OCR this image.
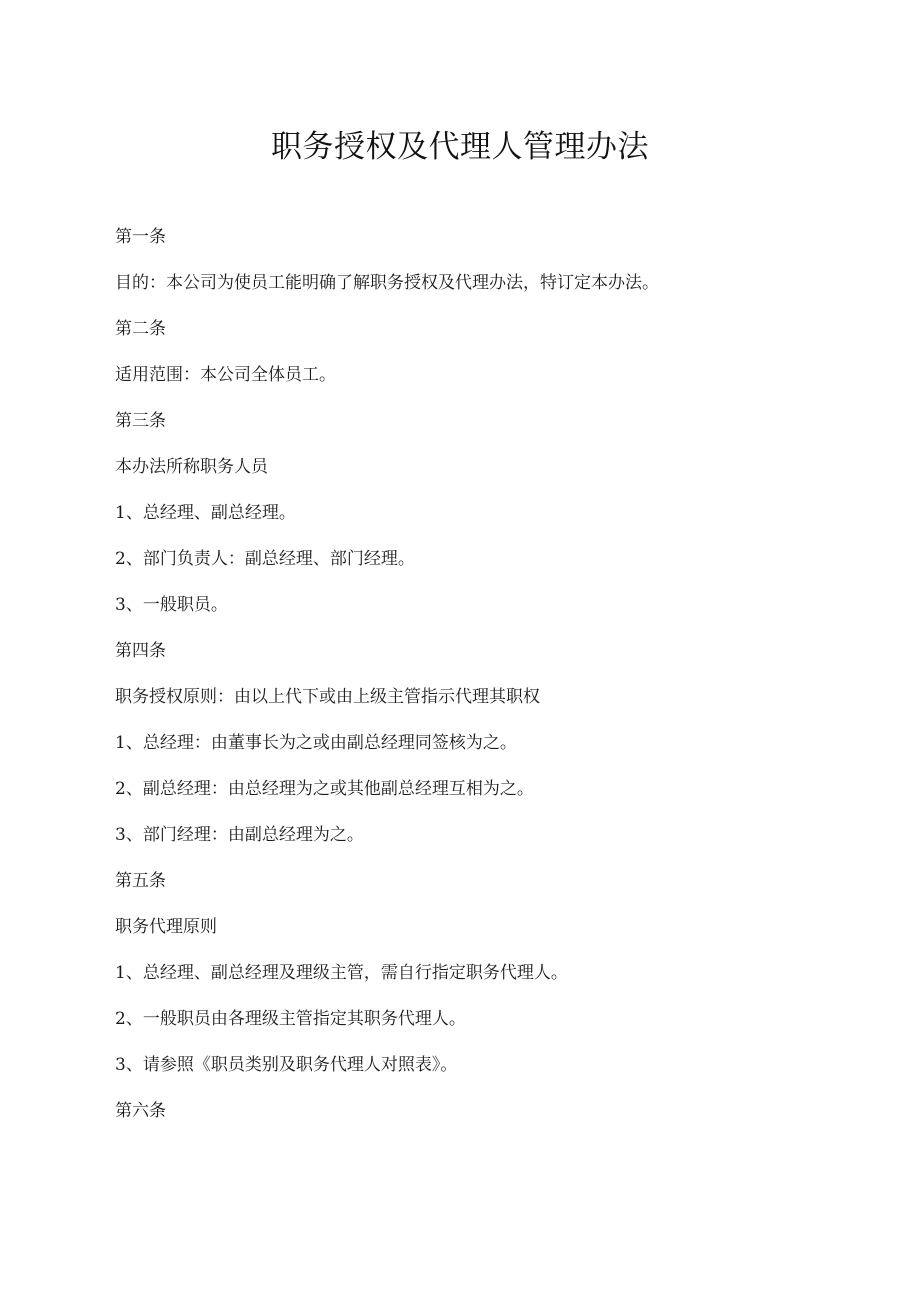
职务授权及代理人管理办法
第一条
目的：本公司为使员工能明确了解职务授权及代理办法，特订定本办法。
第二条
适用范围：本公司全体员工。
第三条
本办法所称职务人员
1、总经理、副总经理。
2、部门负责人：副总经理、部门经理。
3、一般职员。
第四条
职务授权原则：由以上代下或由上级主管指示代理其职权
1、总经理：由董事长为之或由副总经理同签核为之。
2、副总经理：由总经理为之或其他副总经理互相为之。
3、部门经理：由副总经理为之。
第五条
职务代理原则
1、总经理、副总经理及理级主管，需自行指定职务代理人。
2、一般职员由各理级主管指定其职务代理人。
3、请参照《职员类别及职务代理人对照表》。
第六条
